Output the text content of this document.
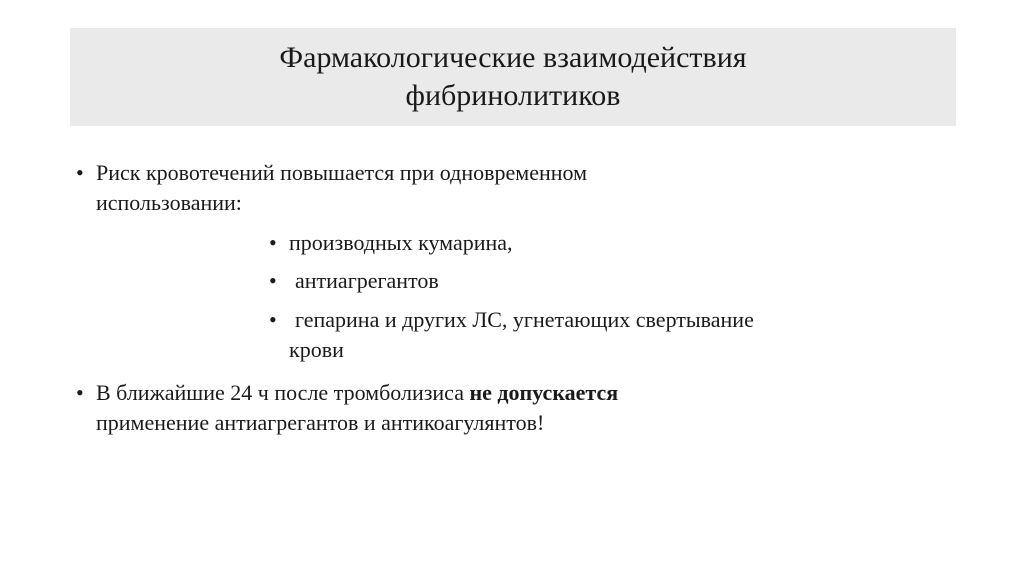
Фармакологические взаимодействия
фибринолитиков
• Риск кровотечений повышается при одновременном
использовании:
• производных кумарина,
• антиагрегантов
• гепарина и других ЛС, угнетающих свертывание
крови
• В ближайшие 24 ч после тромболизиса не допускается
применение антиагрегантов и антикоагулянтов!
